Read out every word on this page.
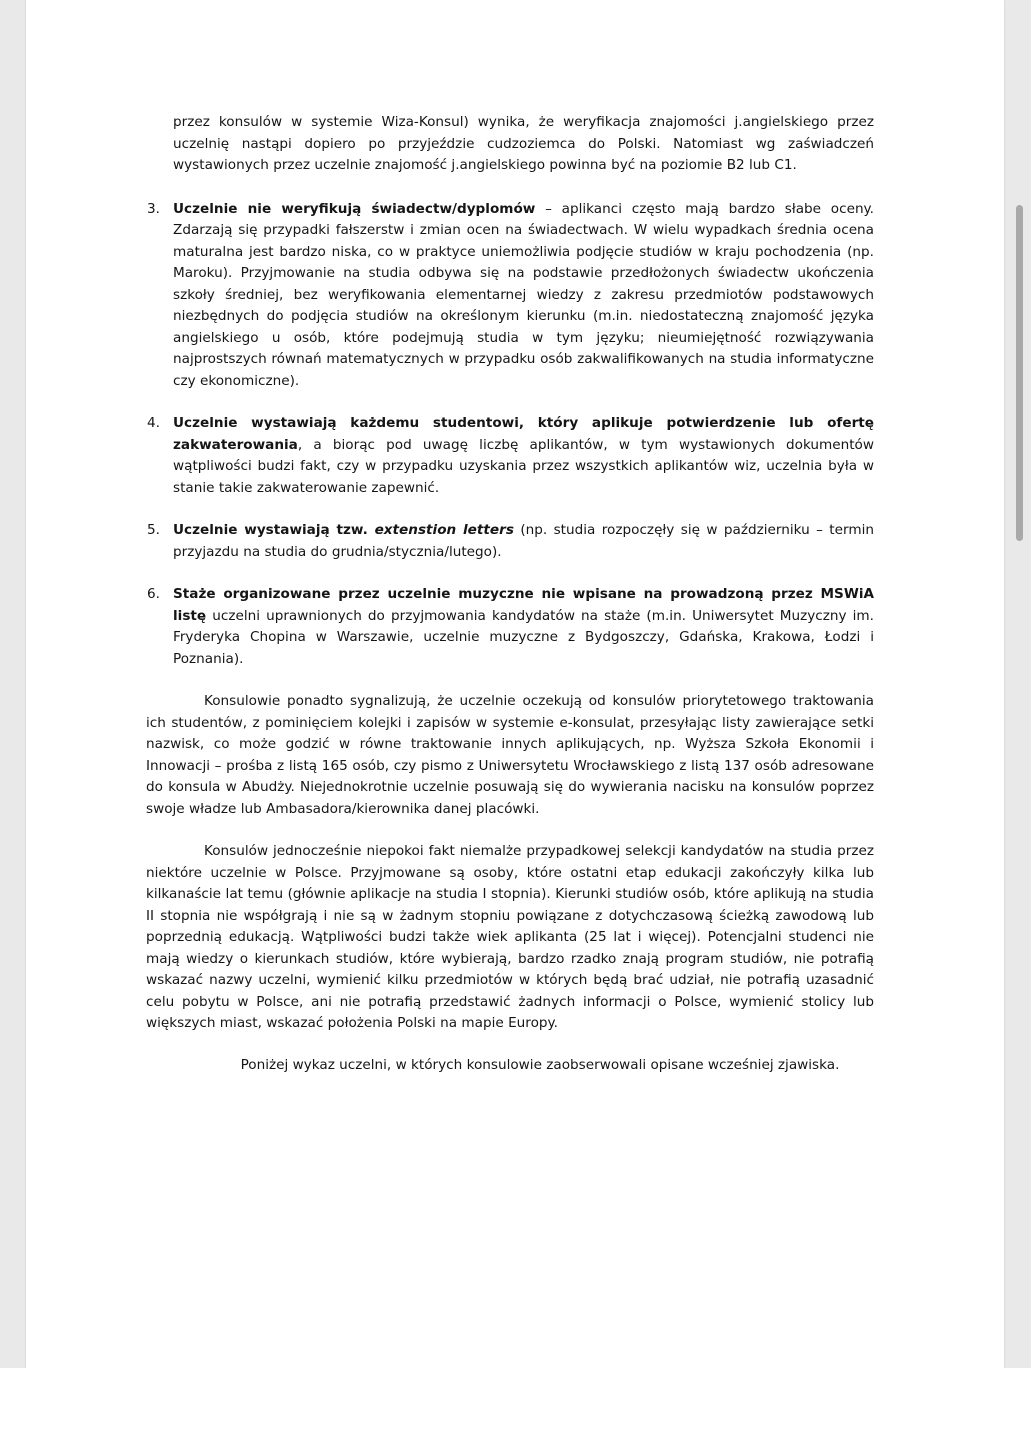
przez konsulów w systemie Wiza-Konsul) wynika, że weryfikacja znajomości j.angielskiego przez uczelnię nastąpi dopiero po przyjeździe cudzoziemca do Polski. Natomiast wg zaświadczeń wystawionych przez uczelnie znajomość j.angielskiego powinna być na poziomie B2 lub C1.

3. Uczelnie nie weryfikują świadectw/dyplomów – aplikanci często mają bardzo słabe oceny. Zdarzają się przypadki fałszerstw i zmian ocen na świadectwach. W wielu wypadkach średnia ocena maturalna jest bardzo niska, co w praktyce uniemożliwia podjęcie studiów w kraju pochodzenia (np. Maroku). Przyjmowanie na studia odbywa się na podstawie przedłożonych świadectw ukończenia szkoły średniej, bez weryfikowania elementarnej wiedzy z zakresu przedmiotów podstawowych niezbędnych do podjęcia studiów na określonym kierunku (m.in. niedostateczną znajomość języka angielskiego u osób, które podejmują studia w tym języku; nieumiejętność rozwiązywania najprostszych równań matematycznych w przypadku osób zakwalifikowanych na studia informatyczne czy ekonomiczne).

4. Uczelnie wystawiają każdemu studentowi, który aplikuje potwierdzenie lub ofertę zakwaterowania, a biorąc pod uwagę liczbę aplikantów, w tym wystawionych dokumentów wątpliwości budzi fakt, czy w przypadku uzyskania przez wszystkich aplikantów wiz, uczelnia była w stanie takie zakwaterowanie zapewnić.

5. Uczelnie wystawiają tzw. extenstion letters (np. studia rozpoczęły się w październiku – termin przyjazdu na studia do grudnia/stycznia/lutego).

6. Staże organizowane przez uczelnie muzyczne nie wpisane na prowadzoną przez MSWiA listę uczelni uprawnionych do przyjmowania kandydatów na staże (m.in. Uniwersytet Muzyczny im. Fryderyka Chopina w Warszawie, uczelnie muzyczne z Bydgoszczy, Gdańska, Krakowa, Łodzi i Poznania).

Konsulowie ponadto sygnalizują, że uczelnie oczekują od konsulów priorytetowego traktowania ich studentów, z pominięciem kolejki i zapisów w systemie e-konsulat, przesyłając listy zawierające setki nazwisk, co może godzić w równe traktowanie innych aplikujących, np. Wyższa Szkoła Ekonomii i Innowacji – prośba z listą 165 osób, czy pismo z Uniwersytetu Wrocławskiego z listą 137 osób adresowane do konsula w Abudży. Niejednokrotnie uczelnie posuwają się do wywierania nacisku na konsulów poprzez swoje władze lub Ambasadora/kierownika danej placówki.

Konsulów jednocześnie niepokoi fakt niemalże przypadkowej selekcji kandydatów na studia przez niektóre uczelnie w Polsce. Przyjmowane są osoby, które ostatni etap edukacji zakończyły kilka lub kilkanaście lat temu (głównie aplikacje na studia I stopnia). Kierunki studiów osób, które aplikują na studia II stopnia nie współgrają i nie są w żadnym stopniu powiązane z dotychczasową ścieżką zawodową lub poprzednią edukacją. Wątpliwości budzi także wiek aplikanta (25 lat i więcej). Potencjalni studenci nie mają wiedzy o kierunkach studiów, które wybierają, bardzo rzadko znają program studiów, nie potrafią wskazać nazwy uczelni, wymienić kilku przedmiotów w których będą brać udział, nie potrafią uzasadnić celu pobytu w Polsce, ani nie potrafią przedstawić żadnych informacji o Polsce, wymienić stolicy lub większych miast, wskazać położenia Polski na mapie Europy.

Poniżej wykaz uczelni, w których konsulowie zaobserwowali opisane wcześniej zjawiska.
